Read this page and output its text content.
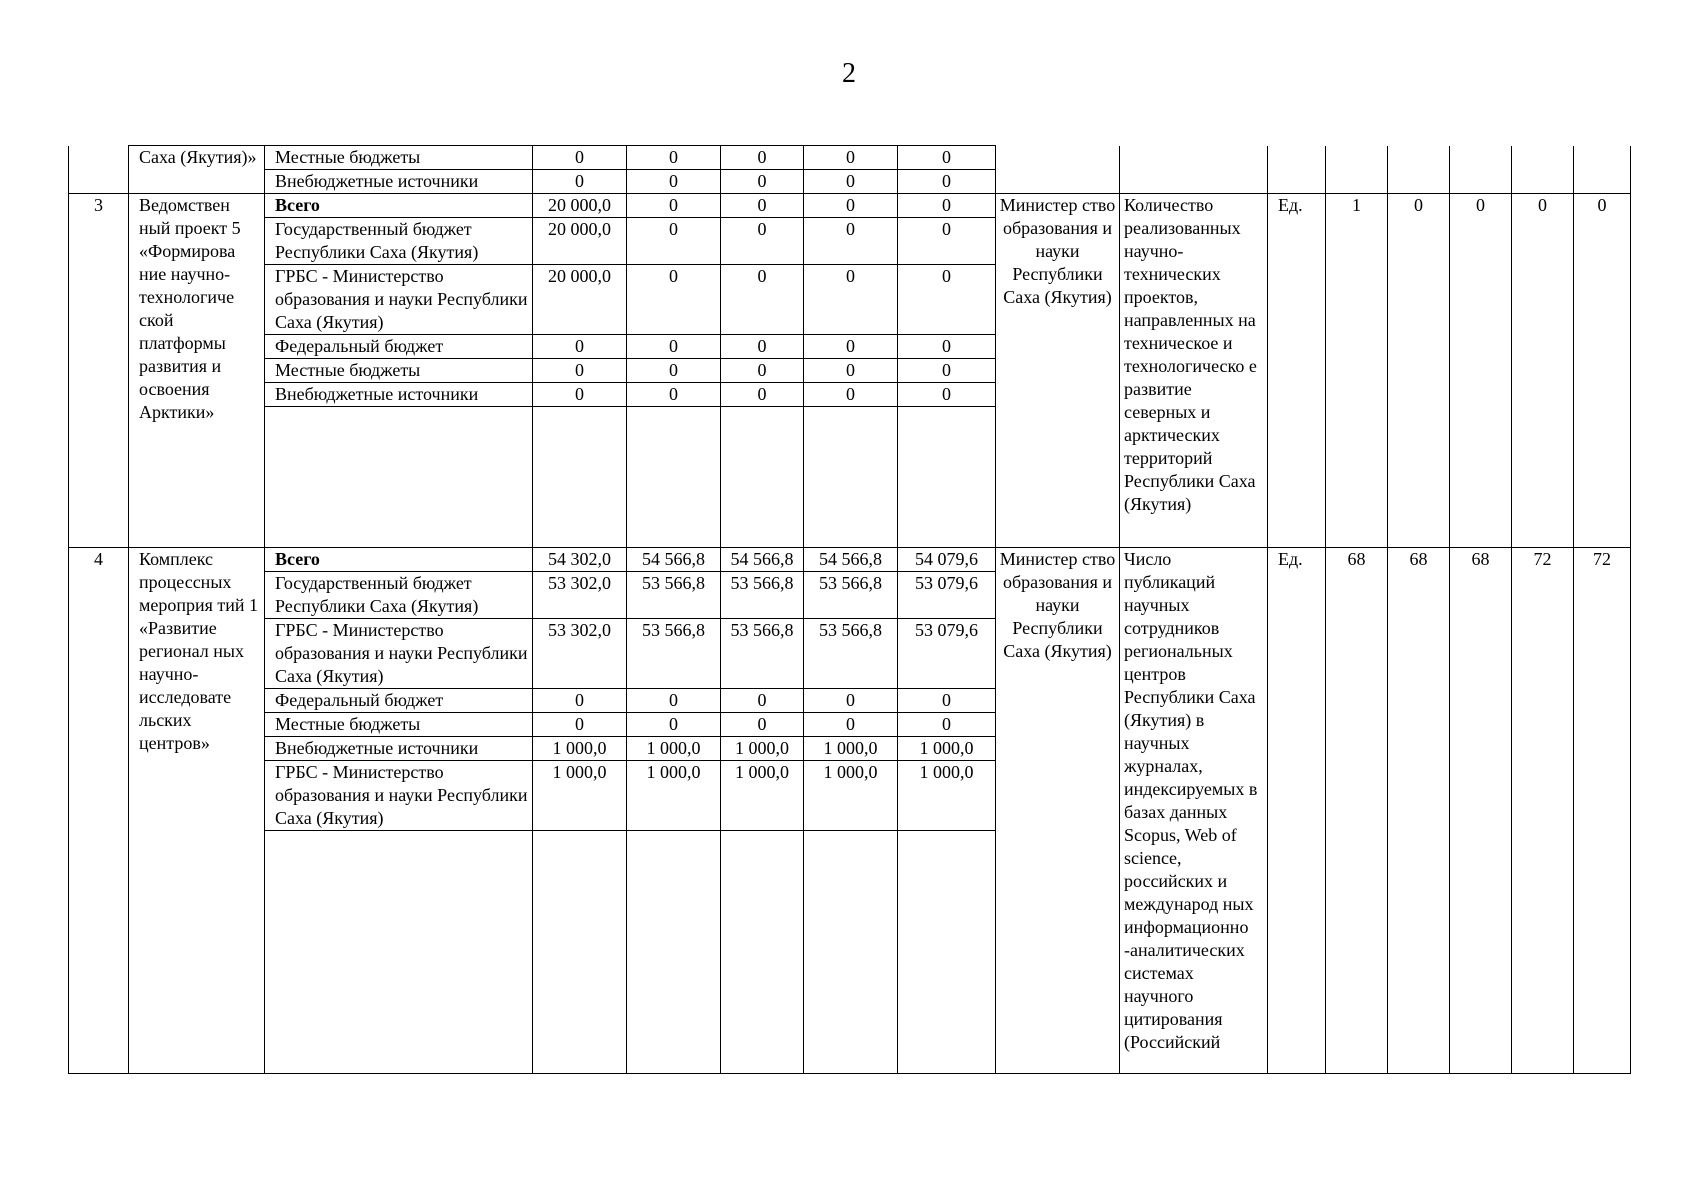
2
	Саха (Якутия)»	Местные бюджеты	0	0	0	0	0								
		Внебюджетные источники	0	0	0	0	0								
3	Ведомствен ный проект 5 «Формирова ние научно-технологиче ской платформы развития и освоения Арктики»	Всего	20 000,0	0	0	0	0	Министер ство образования и науки Республики Саха (Якутия)	Количество реализованных научно-технических проектов, направленных на техническое и технологическо е развитие северных и арктических территорий Республики Саха (Якутия)	Ед.	1	0	0	0	0
		Государственный бюджет Республики Саха (Якутия)	20 000,0	0	0	0	0								
		ГРБС - Министерство образования и науки Республики Саха (Якутия)	20 000,0	0	0	0	0								
		Федеральный бюджет	0	0	0	0	0								
		Местные бюджеты	0	0	0	0	0								
		Внебюджетные источники	0	0	0	0	0								

4	Комплекс процессных мероприя тий 1 «Развитие регионал ных научно-исследовате льских центров»	Всего	54 302,0	54 566,8	54 566,8	54 566,8	54 079,6	Министер ство образования и науки Республики Саха (Якутия)	Число публикаций научных сотрудников региональных центров Республики Саха (Якутия) в научных журналах, индексируемых в базах данных Scopus, Web of science, российских и международ ных информационно -аналитических системах научного цитирования (Российский	Ед.	68	68	68	72	72
		Государственный бюджет Республики Саха (Якутия)	53 302,0	53 566,8	53 566,8	53 566,8	53 079,6								
		ГРБС - Министерство образования и науки Республики Саха (Якутия)	53 302,0	53 566,8	53 566,8	53 566,8	53 079,6								
		Федеральный бюджет	0	0	0	0	0								
		Местные бюджеты	0	0	0	0	0								
		Внебюджетные источники	1 000,0	1 000,0	1 000,0	1 000,0	1 000,0								
		ГРБС - Министерство образования и науки Республики Саха (Якутия)	1 000,0	1 000,0	1 000,0	1 000,0	1 000,0								
